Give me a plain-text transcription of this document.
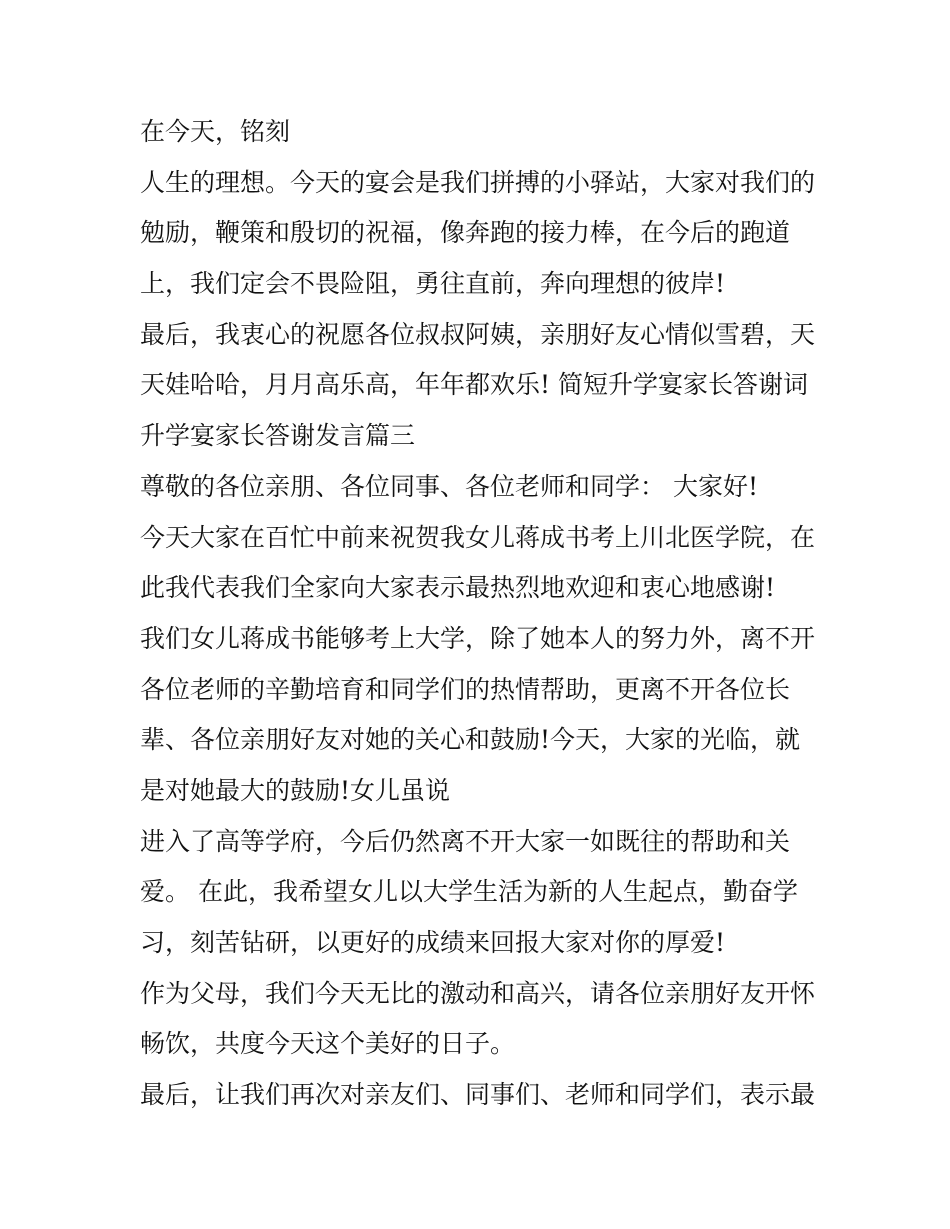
在今天，铭刻
人生的理想。今天的宴会是我们拼搏的小驿站，大家对我们的
勉励，鞭策和殷切的祝福，像奔跑的接力棒，在今后的跑道
上，我们定会不畏险阻，勇往直前，奔向理想的彼岸!
最后，我衷心的祝愿各位叔叔阿姨，亲朋好友心情似雪碧，天
天娃哈哈，月月高乐高，年年都欢乐! 简短升学宴家长答谢词
升学宴家长答谢发言篇三
尊敬的各位亲朋、各位同事、各位老师和同学： 大家好!
今天大家在百忙中前来祝贺我女儿蒋成书考上川北医学院，在
此我代表我们全家向大家表示最热烈地欢迎和衷心地感谢!
我们女儿蒋成书能够考上大学，除了她本人的努力外，离不开
各位老师的辛勤培育和同学们的热情帮助，更离不开各位长
辈、各位亲朋好友对她的关心和鼓励!今天，大家的光临，就
是对她最大的鼓励!女儿虽说
进入了高等学府，今后仍然离不开大家一如既往的帮助和关
爱。 在此，我希望女儿以大学生活为新的人生起点，勤奋学
习，刻苦钻研，以更好的成绩来回报大家对你的厚爱!
作为父母，我们今天无比的激动和高兴，请各位亲朋好友开怀
畅饮，共度今天这个美好的日子。
最后，让我们再次对亲友们、同事们、老师和同学们，表示最
